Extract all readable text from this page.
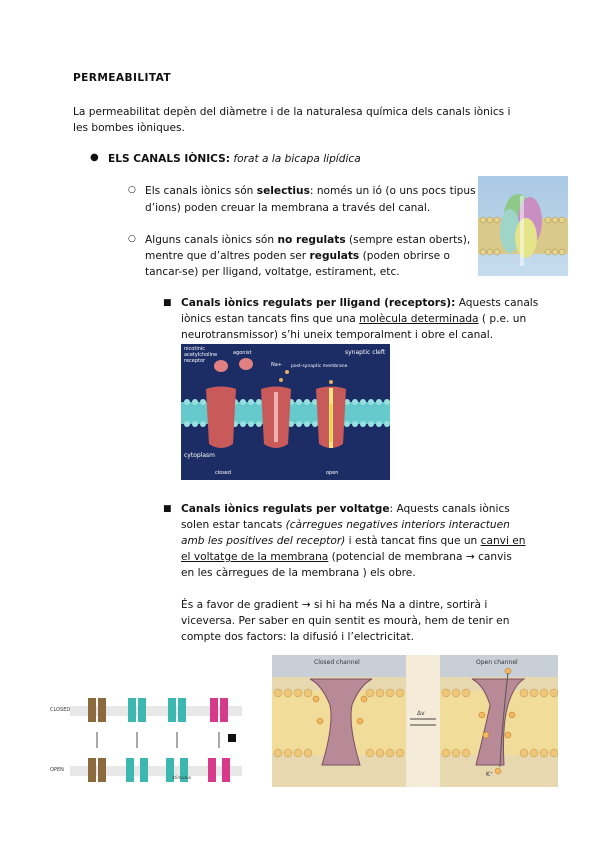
PERMEABILITAT
La permeabilitat depèn del diàmetre i de la naturalesa química dels canals iònics i
les bombes iòniques.
● ELS CANALS IÒNICS: forat a la bicapa lipídica
○ Els canals iònics són selectius: només un ió (o uns pocs tipus
d’ions) poden creuar la membrana a través del canal.
○ Alguns canals iònics són no regulats (sempre estan oberts),
mentre que d’altres poden ser regulats (poden obrirse o
tancar-se) per lligand, voltatge, estirament, etc.
■ Canals iònics regulats per lligand (receptors): Aquests canals
iònics estan tancats fins que una molècula determinada ( p.e. un
neurotransmissor) s’hi uneix temporalment i obre el canal.
nicotinic acetylcholine receptor
agonist	synaptic cleft
post-synaptic membrane
Na+
cytoplasm
closed	open
■ Canals iònics regulats per voltatge: Aquests canals iònics
solen estar tancats (càrregues negatives interiors interactuen
amb les positives del receptor) i està tancat fins que un canvi en
el voltatge de la membrana (potencial de membrana → canvis
en les càrregues de la membrana ) els obre.
És a favor de gradient → si hi ha més Na a dintre, sortirà i
viceversa. Per saber en quin sentit es mourà, hem de tenir en
compte dos factors: la difusió i l’electricitat.
CLOSED
OPEN
stimulus
Closed channel	Open channel
Δv
K⁺
